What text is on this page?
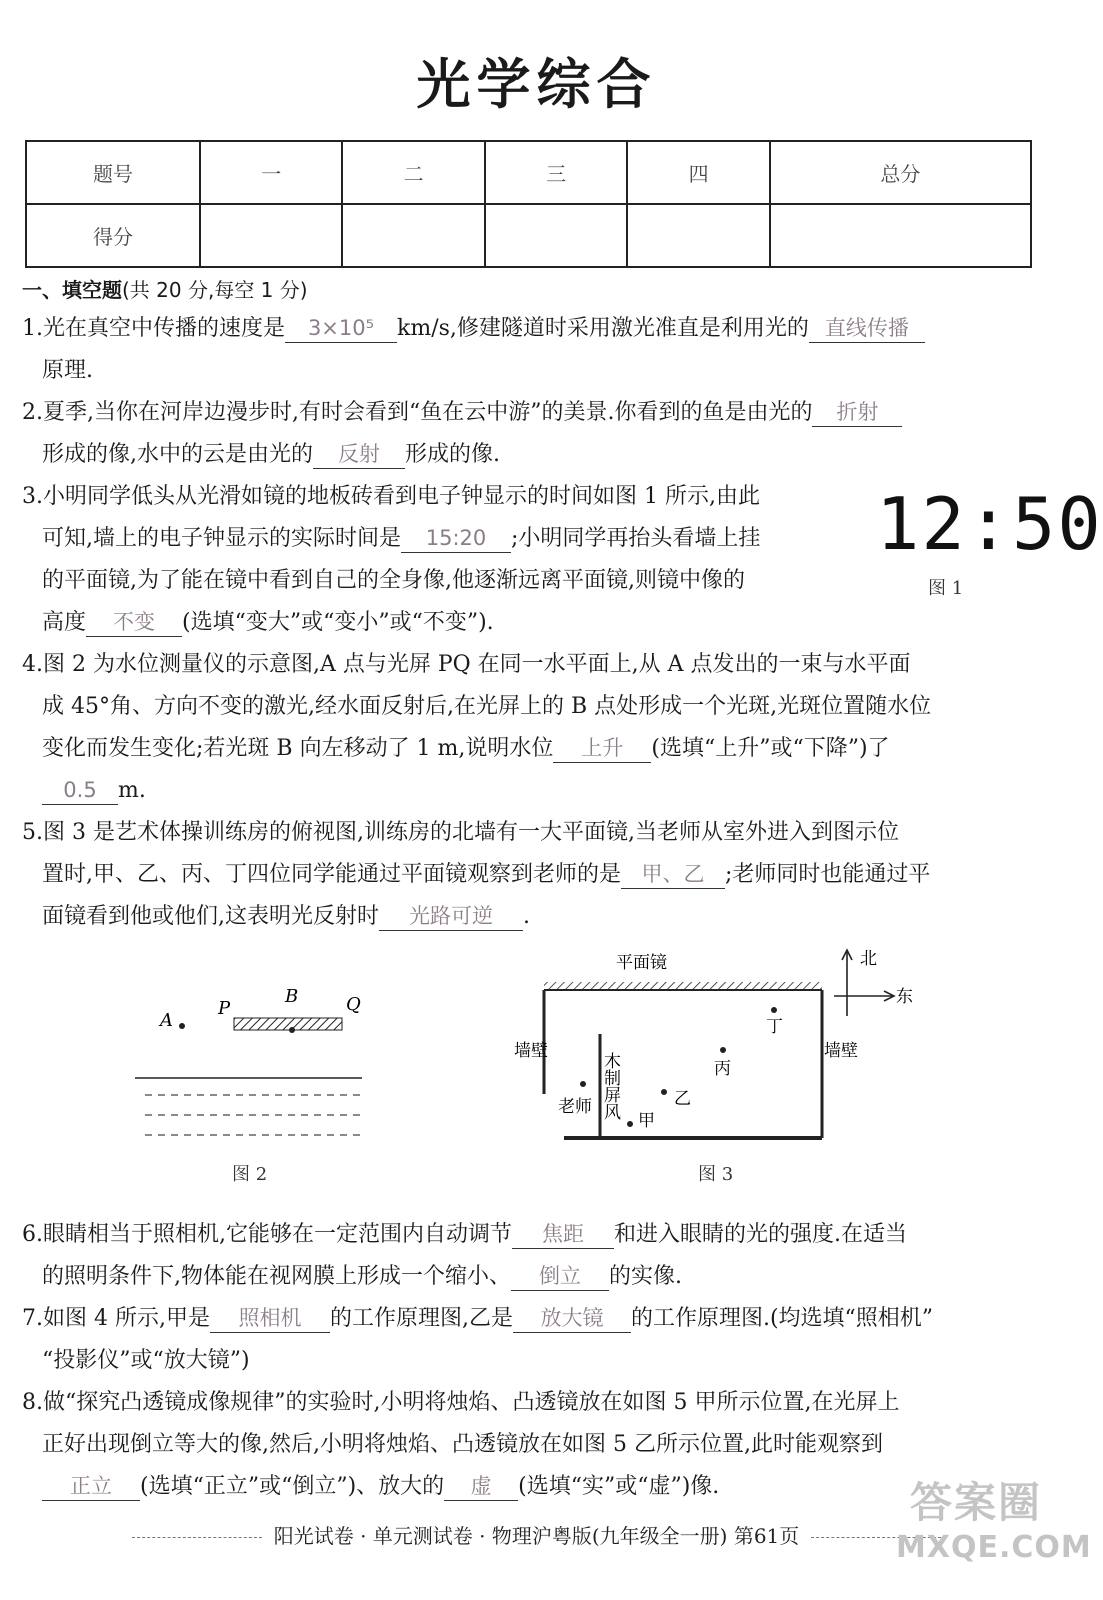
光学综合
题号	一	二	三	四	总分
得分					
一、填空题(共 20 分,每空 1 分)
1.光在真空中传播的速度是 3×10⁵ km/s,修建隧道时采用激光准直是利用光的 直线传播
原理.
2.夏季,当你在河岸边漫步时,有时会看到“鱼在云中游”的美景.你看到的鱼是由光的 折射
形成的像,水中的云是由光的 反射 形成的像.
3.小明同学低头从光滑如镜的地板砖看到电子钟显示的时间如图 1 所示,由此
可知,墙上的电子钟显示的实际时间是 15:20 ;小明同学再抬头看墙上挂
的平面镜,为了能在镜中看到自己的全身像,他逐渐远离平面镜,则镜中像的
高度 不变 (选填“变大”或“变小”或“不变”).
12:50
图 1
4.图 2 为水位测量仪的示意图,A 点与光屏 PQ 在同一水平面上,从 A 点发出的一束与水平面
成 45°角、方向不变的激光,经水面反射后,在光屏上的 B 点处形成一个光斑,光斑位置随水位
变化而发生变化;若光斑 B 向左移动了 1 m,说明水位 上升 (选填“上升”或“下降”)了
0.5 m.
5.图 3 是艺术体操训练房的俯视图,训练房的北墙有一大平面镜,当老师从室外进入到图示位
置时,甲、乙、丙、丁四位同学能通过平面镜观察到老师的是 甲、乙 ;老师同时也能通过平
面镜看到他或他们,这表明光反射时 光路可逆 .
A
P
B	Q
图 2
平面镜	北
东
墙壁	墙壁
木制屏风
老师
甲
乙
丙
丁
图 3
6.眼睛相当于照相机,它能够在一定范围内自动调节 焦距 和进入眼睛的光的强度.在适当
的照明条件下,物体能在视网膜上形成一个缩小、 倒立 的实像.
7.如图 4 所示,甲是 照相机 的工作原理图,乙是 放大镜 的工作原理图.(均选填“照相机”
“投影仪”或“放大镜”)
8.做“探究凸透镜成像规律”的实验时,小明将烛焰、凸透镜放在如图 5 甲所示位置,在光屏上
正好出现倒立等大的像,然后,小明将烛焰、凸透镜放在如图 5 乙所示位置,此时能观察到
正立 (选填“正立”或“倒立”)、放大的 虚 (选填“实”或“虚”)像.
阳光试卷 · 单元测试卷 · 物理沪粤版(九年级全一册) 第61页
答案圈
MXQE.COM
